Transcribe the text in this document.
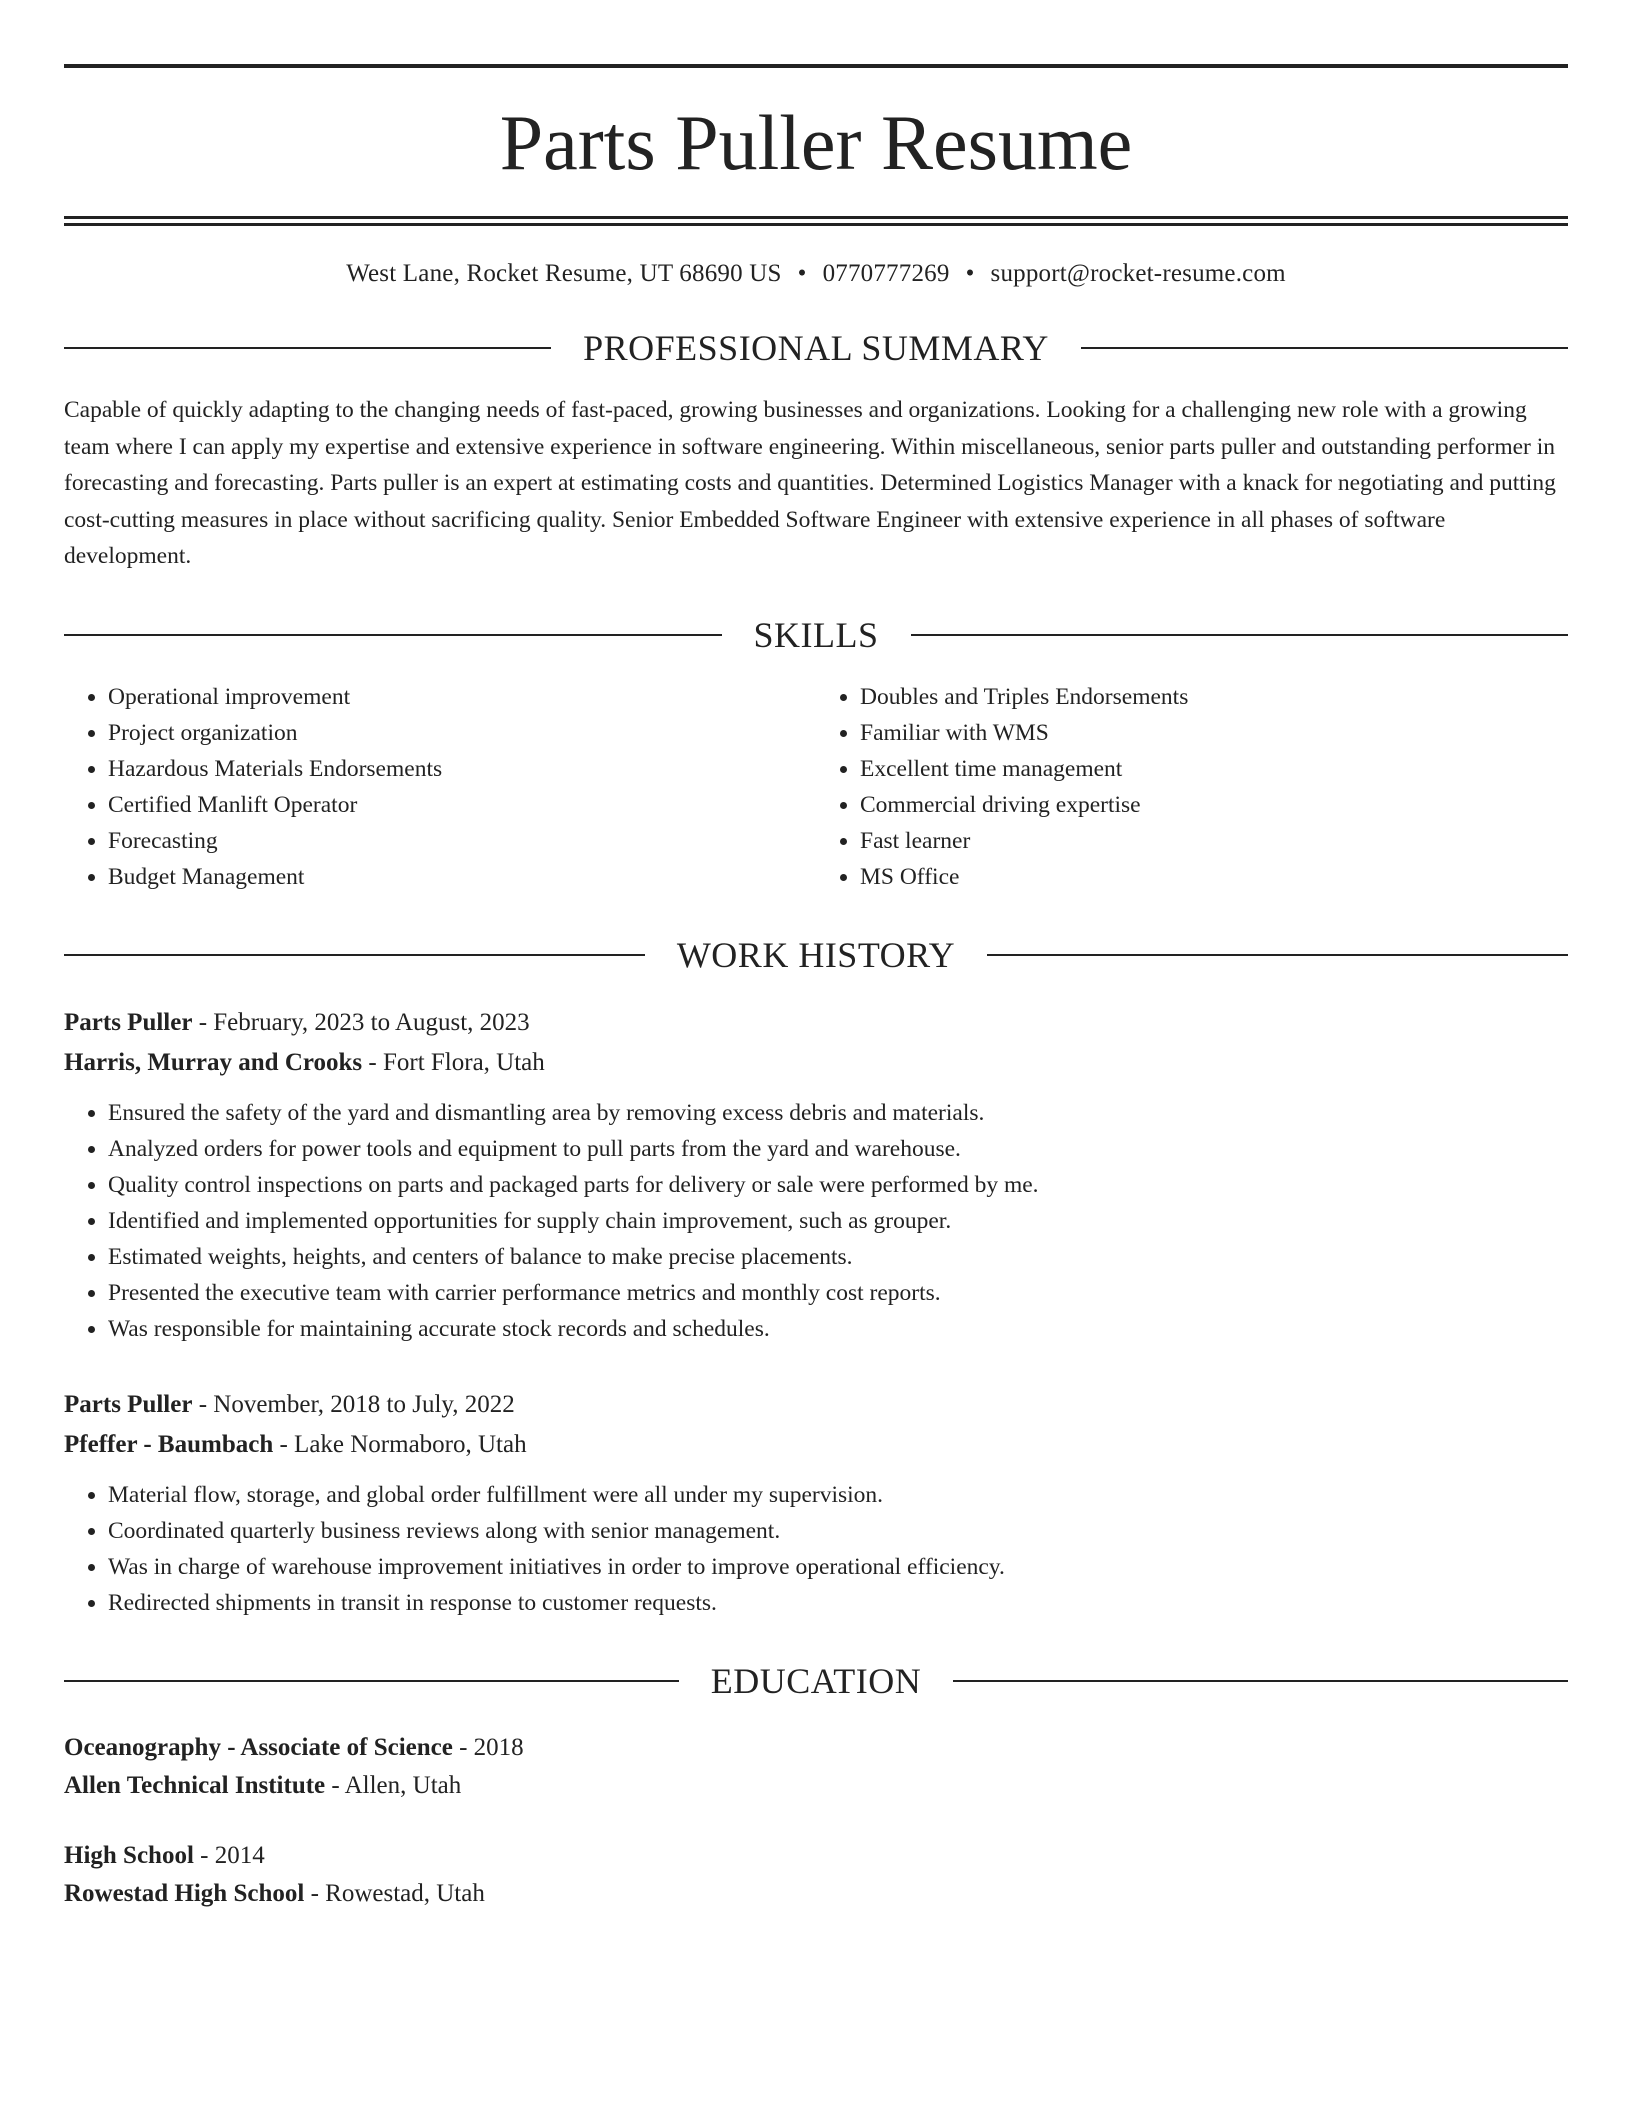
Parts Puller Resume
West Lane, Rocket Resume, UT 68690 US • 0770777269 • support@rocket-resume.com
PROFESSIONAL SUMMARY

Capable of quickly adapting to the changing needs of fast-paced, growing businesses and organizations. Looking for a challenging new role with a growing team where I can apply my expertise and extensive experience in software engineering. Within miscellaneous, senior parts puller and outstanding performer in forecasting and forecasting. Parts puller is an expert at estimating costs and quantities. Determined Logistics Manager with a knack for negotiating and putting cost-cutting measures in place without sacrificing quality. Senior Embedded Software Engineer with extensive experience in all phases of software development.

SKILLS
• Operational improvement
• Project organization
• Hazardous Materials Endorsements
• Certified Manlift Operator
• Forecasting
• Budget Management
• Doubles and Triples Endorsements
• Familiar with WMS
• Excellent time management
• Commercial driving expertise
• Fast learner
• MS Office
WORK HISTORY
Parts Puller - February, 2023 to August, 2023
Harris, Murray and Crooks - Fort Flora, Utah
• Ensured the safety of the yard and dismantling area by removing excess debris and materials.
• Analyzed orders for power tools and equipment to pull parts from the yard and warehouse.
• Quality control inspections on parts and packaged parts for delivery or sale were performed by me.
• Identified and implemented opportunities for supply chain improvement, such as grouper.
• Estimated weights, heights, and centers of balance to make precise placements.
• Presented the executive team with carrier performance metrics and monthly cost reports.
• Was responsible for maintaining accurate stock records and schedules.
Parts Puller - November, 2018 to July, 2022
Pfeffer - Baumbach - Lake Normaboro, Utah
• Material flow, storage, and global order fulfillment were all under my supervision.
• Coordinated quarterly business reviews along with senior management.
• Was in charge of warehouse improvement initiatives in order to improve operational efficiency.
• Redirected shipments in transit in response to customer requests.
EDUCATION
Oceanography - Associate of Science - 2018
Allen Technical Institute - Allen, Utah
High School - 2014
Rowestad High School - Rowestad, Utah
